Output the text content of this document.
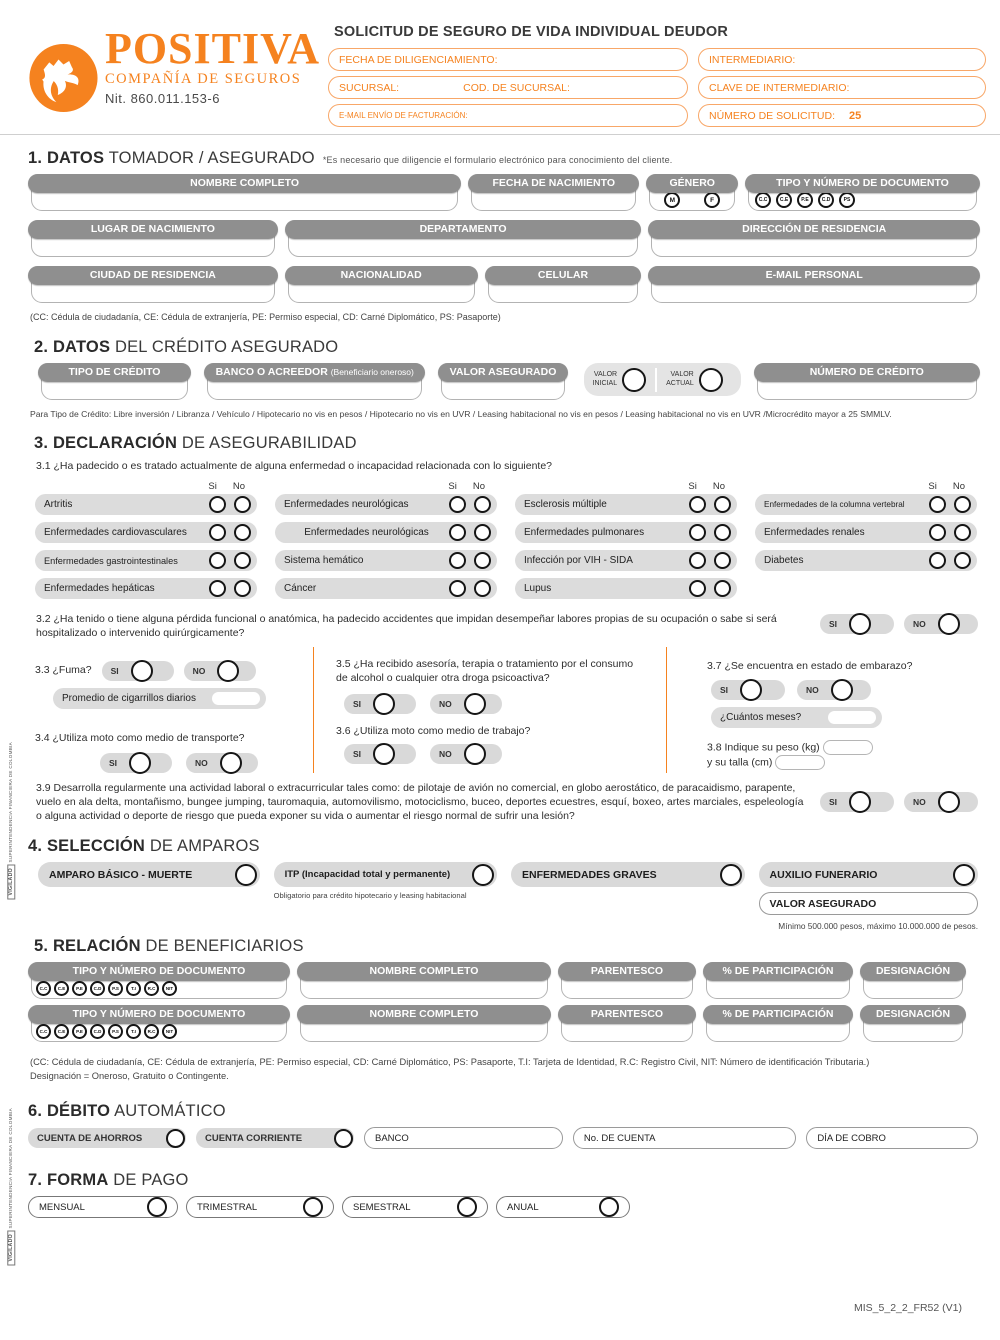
VIGILADO SUPERINTENDENCIA FINANCIERA DE COLOMBIA
VIGILADO SUPERINTENDENCIA FINANCIERA DE COLOMBIA
POSITIVA
COMPAÑÍA DE SEGUROS
Nit. 860.011.153-6
SOLICITUD DE SEGURO DE VIDA INDIVIDUAL DEUDOR
FECHA DE DILIGENCIAMIENTO:	INTERMEDIARIO:
SUCURSAL:	COD. DE SUCURSAL:	CLAVE DE INTERMEDIARIO:
E-MAIL ENVÍO DE FACTURACIÓN:	NÚMERO DE SOLICITUD: 25
1. DATOS TOMADOR / ASEGURADO *Es necesario que diligencie el formulario electrónico para conocimiento del cliente.
NOMBRE COMPLETO	FECHA DE NACIMIENTO	GÉNERO
M	F
TIPO Y NÚMERO DE DOCUMENTO
C.C	C.E	P.E	C.D	PS
LUGAR DE NACIMIENTO	DEPARTAMENTO	DIRECCIÓN DE RESIDENCIA
CIUDAD DE RESIDENCIA	NACIONALIDAD	CELULAR	E-MAIL PERSONAL
(CC: Cédula de ciudadanía, CE: Cédula de extranjería, PE: Permiso especial, CD: Carné Diplomático, PS: Pasaporte)
2. DATOS DEL CRÉDITO ASEGURADO
TIPO DE CRÉDITO	BANCO O ACREEDOR (Beneficiario oneroso)	VALOR ASEGURADO	VALOR
INICIAL
VALOR
ACTUAL
NÚMERO DE CRÉDITO
Para Tipo de Crédito: Libre inversión / Libranza / Vehículo / Hipotecario no vis en pesos / Hipotecario no vis en UVR / Leasing habitacional no vis en pesos / Leasing habitacional no vis en UVR /Microcrédito mayor a 25 SMMLV.
3. DECLARACIÓN DE ASEGURABILIDAD
3.1 ¿Ha padecido o es tratado actualmente de alguna enfermedad o incapacidad relacionada con lo siguiente?
Si No
Artritis
Enfermedades cardiovasculares
Enfermedades gastrointestinales
Enfermedades hepáticas
Si No
Enfermedades neurológicas
Enfermedades neurológicas
Sistema hemático
Cáncer
Si No
Esclerosis múltiple
Enfermedades pulmonares
Infección por VIH - SIDA
Lupus
Si No
Enfermedades de la columna vertebral
Enfermedades renales
Diabetes
3.2 ¿Ha tenido o tiene alguna pérdida funcional o anatómica, ha padecido accidentes que impidan desempeñar labores propias de su ocupación o sabe si será hospitalizado o intervenido quirúrgicamente?
SI	NO
3.3 ¿Fuma? SI	NO
Promedio de cigarrillos diarios
3.4 ¿Utiliza moto como medio de transporte?
SI	NO
3.5 ¿Ha recibido asesoría, terapia o tratamiento por el consumo de alcohol o cualquier otra droga psicoactiva?
SI	NO
3.6 ¿Utiliza moto como medio de trabajo?
SI	NO
3.7 ¿Se encuentra en estado de embarazo?
SI	NO
¿Cuántos meses?
3.8 Indique su peso (kg)
y su talla (cm)
3.9 Desarrolla regularmente una actividad laboral o extracurricular tales como: de pilotaje de avión no comercial, en globo aerostático, de paracaidismo, parapente, vuelo en ala delta, montañismo, bungee jumping, tauromaquia, automovilismo, motociclismo, buceo, deportes ecuestres, esquí, boxeo, artes marciales, espeleología o alguna actividad o deporte de riesgo que pueda exponer su vida o aumentar el riesgo normal de sufrir una lesión?
SI	NO
4. SELECCIÓN DE AMPAROS
AMPARO BÁSICO - MUERTE	ITP (Incapacidad total y permanente)
Obligatorio para crédito hipotecario y leasing habitacional
ENFERMEDADES GRAVES	AUXILIO FUNERARIO
VALOR ASEGURADO
Mínimo 500.000 pesos, máximo 10.000.000 de pesos.
5. RELACIÓN DE BENEFICIARIOS
TIPO Y NÚMERO DE DOCUMENTO
C.C	C.E	P.E	C.D	P.S	T.I	R.C	NIT
NOMBRE COMPLETO	PARENTESCO	% DE PARTICIPACIÓN	DESIGNACIÓN
TIPO Y NÚMERO DE DOCUMENTO
C.C	C.E	P.E	C.D	P.S	T.I	R.C	NIT
NOMBRE COMPLETO	PARENTESCO	% DE PARTICIPACIÓN	DESIGNACIÓN
(CC: Cédula de ciudadanía, CE: Cédula de extranjería, PE: Permiso especial, CD: Carné Diplomático, PS: Pasaporte, T.I: Tarjeta de Identidad, R.C: Registro Civil, NIT: Número de identificación Tributaria.)
Designación = Oneroso, Gratuito o Contingente.
6. DÉBITO AUTOMÁTICO
CUENTA DE AHORROS	CUENTA CORRIENTE	BANCO	No. DE CUENTA	DÍA DE COBRO
7. FORMA DE PAGO
MENSUAL	TRIMESTRAL	SEMESTRAL	ANUAL
MIS_5_2_2_FR52 (V1)
